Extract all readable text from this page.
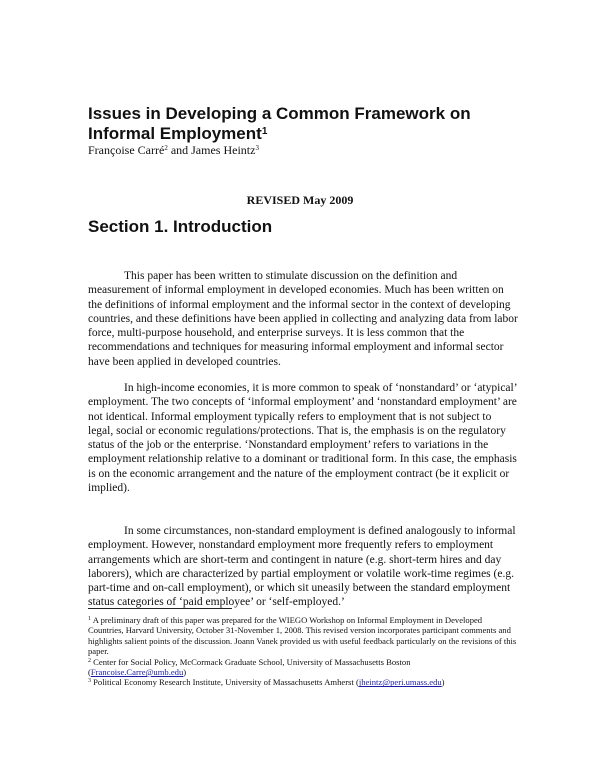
Issues in Developing a Common Framework on Informal Employment$^1$

Françoise Carré$^2$ and James Heintz$^3$

REVISED May 2009

Section 1. Introduction

This paper has been written to stimulate discussion on the definition and measurement of informal employment in developed economies. Much has been written on the definitions of informal employment and the informal sector in the context of developing countries, and these definitions have been applied in collecting and analyzing data from labor force, multi-purpose household, and enterprise surveys. It is less common that the recommendations and techniques for measuring informal employment and informal sector have been applied in developed countries.

In high-income economies, it is more common to speak of ‘nonstandard’ or ‘atypical’ employment. The two concepts of ‘informal employment’ and ‘nonstandard employment’ are not identical. Informal employment typically refers to employment that is not subject to legal, social or economic regulations/protections. That is, the emphasis is on the regulatory status of the job or the enterprise. ‘Nonstandard employment’ refers to variations in the employment relationship relative to a dominant or traditional form. In this case, the emphasis is on the economic arrangement and the nature of the employment contract (be it explicit or implied).

In some circumstances, non-standard employment is defined analogously to informal employment. However, nonstandard employment more frequently refers to employment arrangements which are short-term and contingent in nature (e.g. short-term hires and day laborers), which are characterized by partial employment or volatile work-time regimes (e.g. part-time and on-call employment), or which sit uneasily between the standard employment status categories of ‘paid employee’ or ‘self-employed.’

$^1$ A preliminary draft of this paper was prepared for the WIEGO Workshop on Informal Employment in Developed Countries, Harvard University, October 31-November 1, 2008. This revised version incorporates participant comments and highlights salient points of the discussion. Joann Vanek provided us with useful feedback particularly on the revisions of this paper.

$^2$ Center for Social Policy, McCormack Graduate School, University of Massachusetts Boston
(Francoise.Carre@umb.edu)

$^3$ Political Economy Research Institute, University of Massachusetts Amherst (jheintz@peri.umass.edu)
